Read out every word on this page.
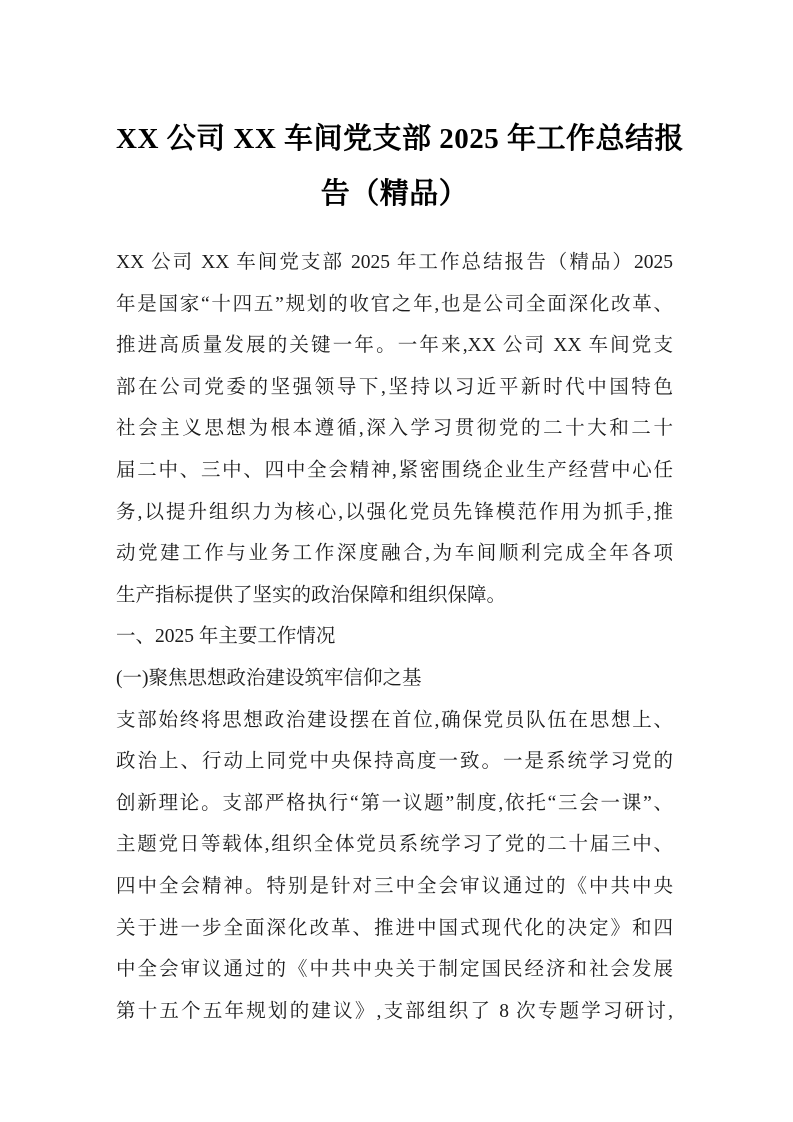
XX 公司 XX 车间党支部 2025 年工作总结报
告（精品）
XX 公司 XX 车间党支部 2025 年工作总结报告（精品）2025
年是国家“十四五”规划的收官之年,也是公司全面深化改革、
推进高质量发展的关键一年。一年来,XX 公司 XX 车间党支
部在公司党委的坚强领导下,坚持以习近平新时代中国特色
社会主义思想为根本遵循,深入学习贯彻党的二十大和二十
届二中、三中、四中全会精神,紧密围绕企业生产经营中心任
务,以提升组织力为核心,以强化党员先锋模范作用为抓手,推
动党建工作与业务工作深度融合,为车间顺利完成全年各项
生产指标提供了坚实的政治保障和组织保障。
一、2025 年主要工作情况
(一)聚焦思想政治建设筑牢信仰之基
支部始终将思想政治建设摆在首位,确保党员队伍在思想上、
政治上、行动上同党中央保持高度一致。一是系统学习党的
创新理论。支部严格执行“第一议题”制度,依托“三会一课”、
主题党日等载体,组织全体党员系统学习了党的二十届三中、
四中全会精神。特别是针对三中全会审议通过的《中共中央
关于进一步全面深化改革、推进中国式现代化的决定》和四
中全会审议通过的《中共中央关于制定国民经济和社会发展
第十五个五年规划的建议》,支部组织了 8 次专题学习研讨,
